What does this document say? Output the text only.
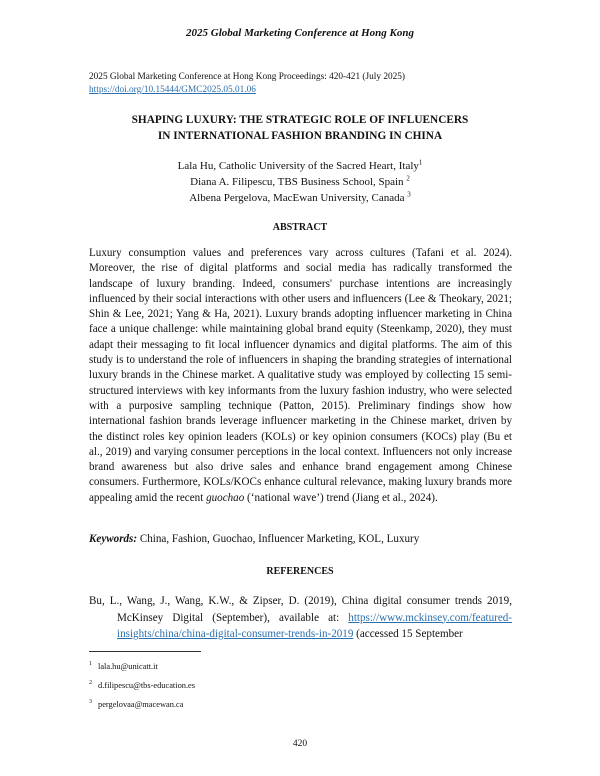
2025 Global Marketing Conference at Hong Kong
2025 Global Marketing Conference at Hong Kong Proceedings: 420-421 (July 2025)
https://doi.org/10.15444/GMC2025.05.01.06
SHAPING LUXURY: THE STRATEGIC ROLE OF INFLUENCERS
IN INTERNATIONAL FASHION BRANDING IN CHINA
Lala Hu, Catholic University of the Sacred Heart, Italy$^1$
Diana A. Filipescu, TBS Business School, Spain $^2$
Albena Pergelova, MacEwan University, Canada $^3$
ABSTRACT
Luxury consumption values and preferences vary across cultures (Tafani et al. 2024). Moreover, the rise of digital platforms and social media has radically transformed the landscape of luxury branding. Indeed, consumers' purchase intentions are increasingly influenced by their social interactions with other users and influencers (Lee & Theokary, 2021; Shin & Lee, 2021; Yang & Ha, 2021). Luxury brands adopting influencer marketing in China face a unique challenge: while maintaining global brand equity (Steenkamp, 2020), they must adapt their messaging to fit local influencer dynamics and digital platforms. The aim of this study is to understand the role of influencers in shaping the branding strategies of international luxury brands in the Chinese market. A qualitative study was employed by collecting 15 semi-structured interviews with key informants from the luxury fashion industry, who were selected with a purposive sampling technique (Patton, 2015). Preliminary findings show how international fashion brands leverage influencer marketing in the Chinese market, driven by the distinct roles key opinion leaders (KOLs) or key opinion consumers (KOCs) play (Bu et al., 2019) and varying consumer perceptions in the local context. Influencers not only increase brand awareness but also drive sales and enhance brand engagement among Chinese consumers. Furthermore, KOLs/KOCs enhance cultural relevance, making luxury brands more appealing amid the recent guochao (‘national wave’) trend (Jiang et al., 2024).
Keywords: China, Fashion, Guochao, Influencer Marketing, KOL, Luxury
REFERENCES
Bu, L., Wang, J., Wang, K.W., & Zipser, D. (2019), China digital consumer trends 2019, McKinsey Digital (September), available at: https://www.mckinsey.com/featured-insights/china/china-digital-consumer-trends-in-2019 (accessed 15 September
$^1$ lala.hu@unicatt.it
$^2$ d.filipescu@tbs-education.es
$^3$ pergelovaa@macewan.ca
420
